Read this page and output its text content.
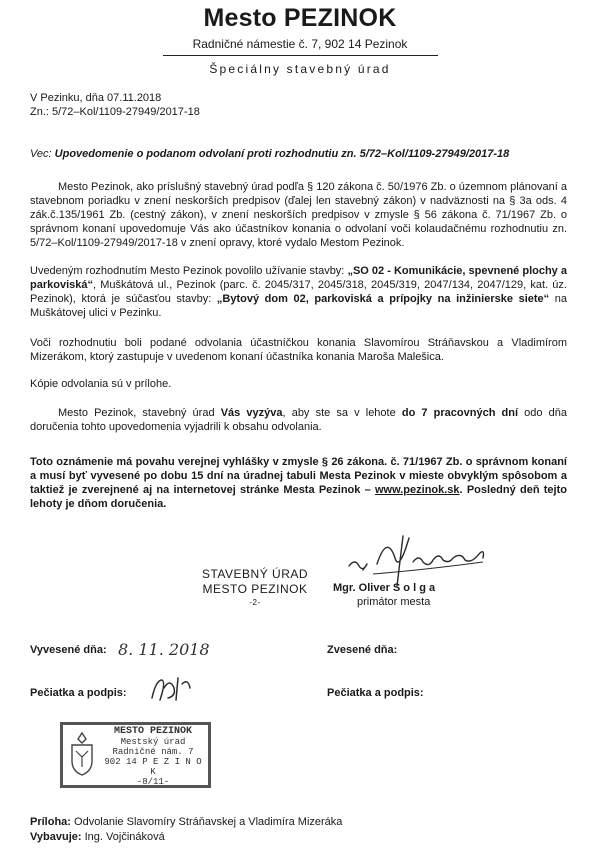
Mesto PEZINOK
Radničné námestie č. 7, 902 14 Pezinok
Špeciálny stavebný úrad
V Pezinku, dňa 07.11.2018
Zn.: 5/72–Kol/1109-27949/2017-18
Vec: Upovedomenie o podanom odvolaní proti rozhodnutiu zn. 5/72–Kol/1109-27949/2017-18
Mesto Pezinok, ako príslušný stavebný úrad podľa § 120 zákona č. 50/1976 Zb. o územnom plánovaní a stavebnom poriadku v znení neskorších predpisov (ďalej len stavebný zákon) v nadväznosti na § 3a ods. 4 zák.č.135/1961 Zb. (cestný zákon), v znení neskorších predpisov v zmysle § 56 zákona č. 71/1967 Zb. o správnom konaní upovedomuje Vás ako účastníkov konania o odvolaní voči kolaudačnému rozhodnutiu zn. 5/72–Kol/1109-27949/2017-18 v znení opravy, ktoré vydalo Mestom Pezinok.
Uvedeným rozhodnutím Mesto Pezinok povolilo užívanie stavby: „SO 02 - Komunikácie, spevnené plochy a parkoviská“, Muškátová ul., Pezinok (parc. č. 2045/317, 2045/318, 2045/319, 2047/134, 2047/129, kat. úz. Pezinok), ktorá je súčasťou stavby: „Bytový dom 02, parkoviská a prípojky na inžinierske siete“ na Muškátovej ulici v Pezinku.
Voči rozhodnutiu boli podané odvolania účastníčkou konania Slavomírou Stráňavskou a Vladimírom Mizerákom, ktorý zastupuje v uvedenom konaní účastníka konania Maroša Malešica.
Kópie odvolania sú v prílohe.
Mesto Pezinok, stavebný úrad Vás vyzýva, aby ste sa v lehote do 7 pracovných dní odo dňa doručenia tohto upovedomenia vyjadrili k obsahu odvolania.
Toto oznámenie má povahu verejnej vyhlášky v zmysle § 26 zákona. č. 71/1967 Zb. o správnom konaní a musí byť vyvesené po dobu 15 dní na úradnej tabuli Mesta Pezinok v mieste obvyklým spôsobom a taktiež je zverejnené aj na internetovej stránke Mesta Pezinok – www.pezinok.sk. Posledný deň tejto lehoty je dňom doručenia.
STAVEBNÝ ÚRAD
MESTO PEZINOK
-2-
Mgr. Oliver S o l g a
primátor mesta
Vyvesené dňa: 8. 11. 2018	Zvesené dňa:
Pečiatka a podpis:	Pečiatka a podpis:
MESTO PEZINOK
Mestský úrad
Radničné nám. 7
902 14 P E Z I N O K
-8/11-
Príloha: Odvolanie Slavomíry Stráňavskej a Vladimíra Mizeráka
Vybavuje: Ing. Vojčináková
